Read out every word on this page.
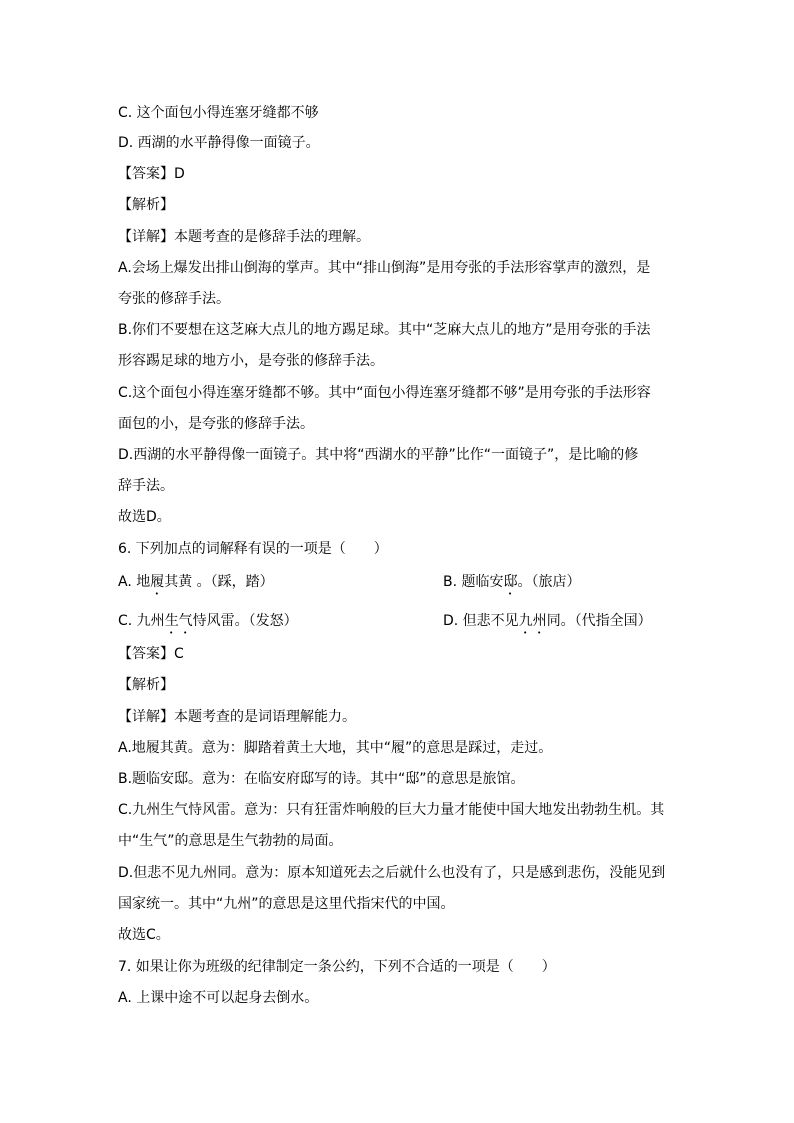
C. 这个面包小得连塞牙缝都不够
D. 西湖的水平静得像一面镜子。
【答案】D
【解析】
【详解】本题考查的是修辞手法的理解。
A.会场上爆发出排山倒海的掌声。其中“排山倒海”是用夸张的手法形容掌声的激烈，是
夸张的修辞手法。
B.你们不要想在这芝麻大点儿的地方踢足球。其中“芝麻大点儿的地方”是用夸张的手法
形容踢足球的地方小，是夸张的修辞手法。
C.这个面包小得连塞牙缝都不够。其中“面包小得连塞牙缝都不够”是用夸张的手法形容
面包的小，是夸张的修辞手法。
D.西湖的水平静得像一面镜子。其中将“西湖水的平静”比作“一面镜子”，是比喻的修
辞手法。
故选D。
6. 下列加点的词解释有误的一项是（　　）
A. 地履其黄 。（踩，踏）	B. 题临安邸。（旅店）
C. 九州生气恃风雷。（发怒）	D. 但悲不见九州同。（代指全国）
【答案】C
【解析】
【详解】本题考查的是词语理解能力。
A.地履其黄。意为：脚踏着黄土大地，其中“履”的意思是踩过，走过。
B.题临安邸。意为：在临安府邸写的诗。其中“邸”的意思是旅馆。
C.九州生气恃风雷。意为：只有狂雷炸响般的巨大力量才能使中国大地发出勃勃生机。其
中“生气”的意思是生气勃勃的局面。
D.但悲不见九州同。意为：原本知道死去之后就什么也没有了，只是感到悲伤，没能见到
国家统一。其中“九州”的意思是这里代指宋代的中国。
故选C。
7. 如果让你为班级的纪律制定一条公约，下列不合适的一项是（　　）
A. 上课中途不可以起身去倒水。
